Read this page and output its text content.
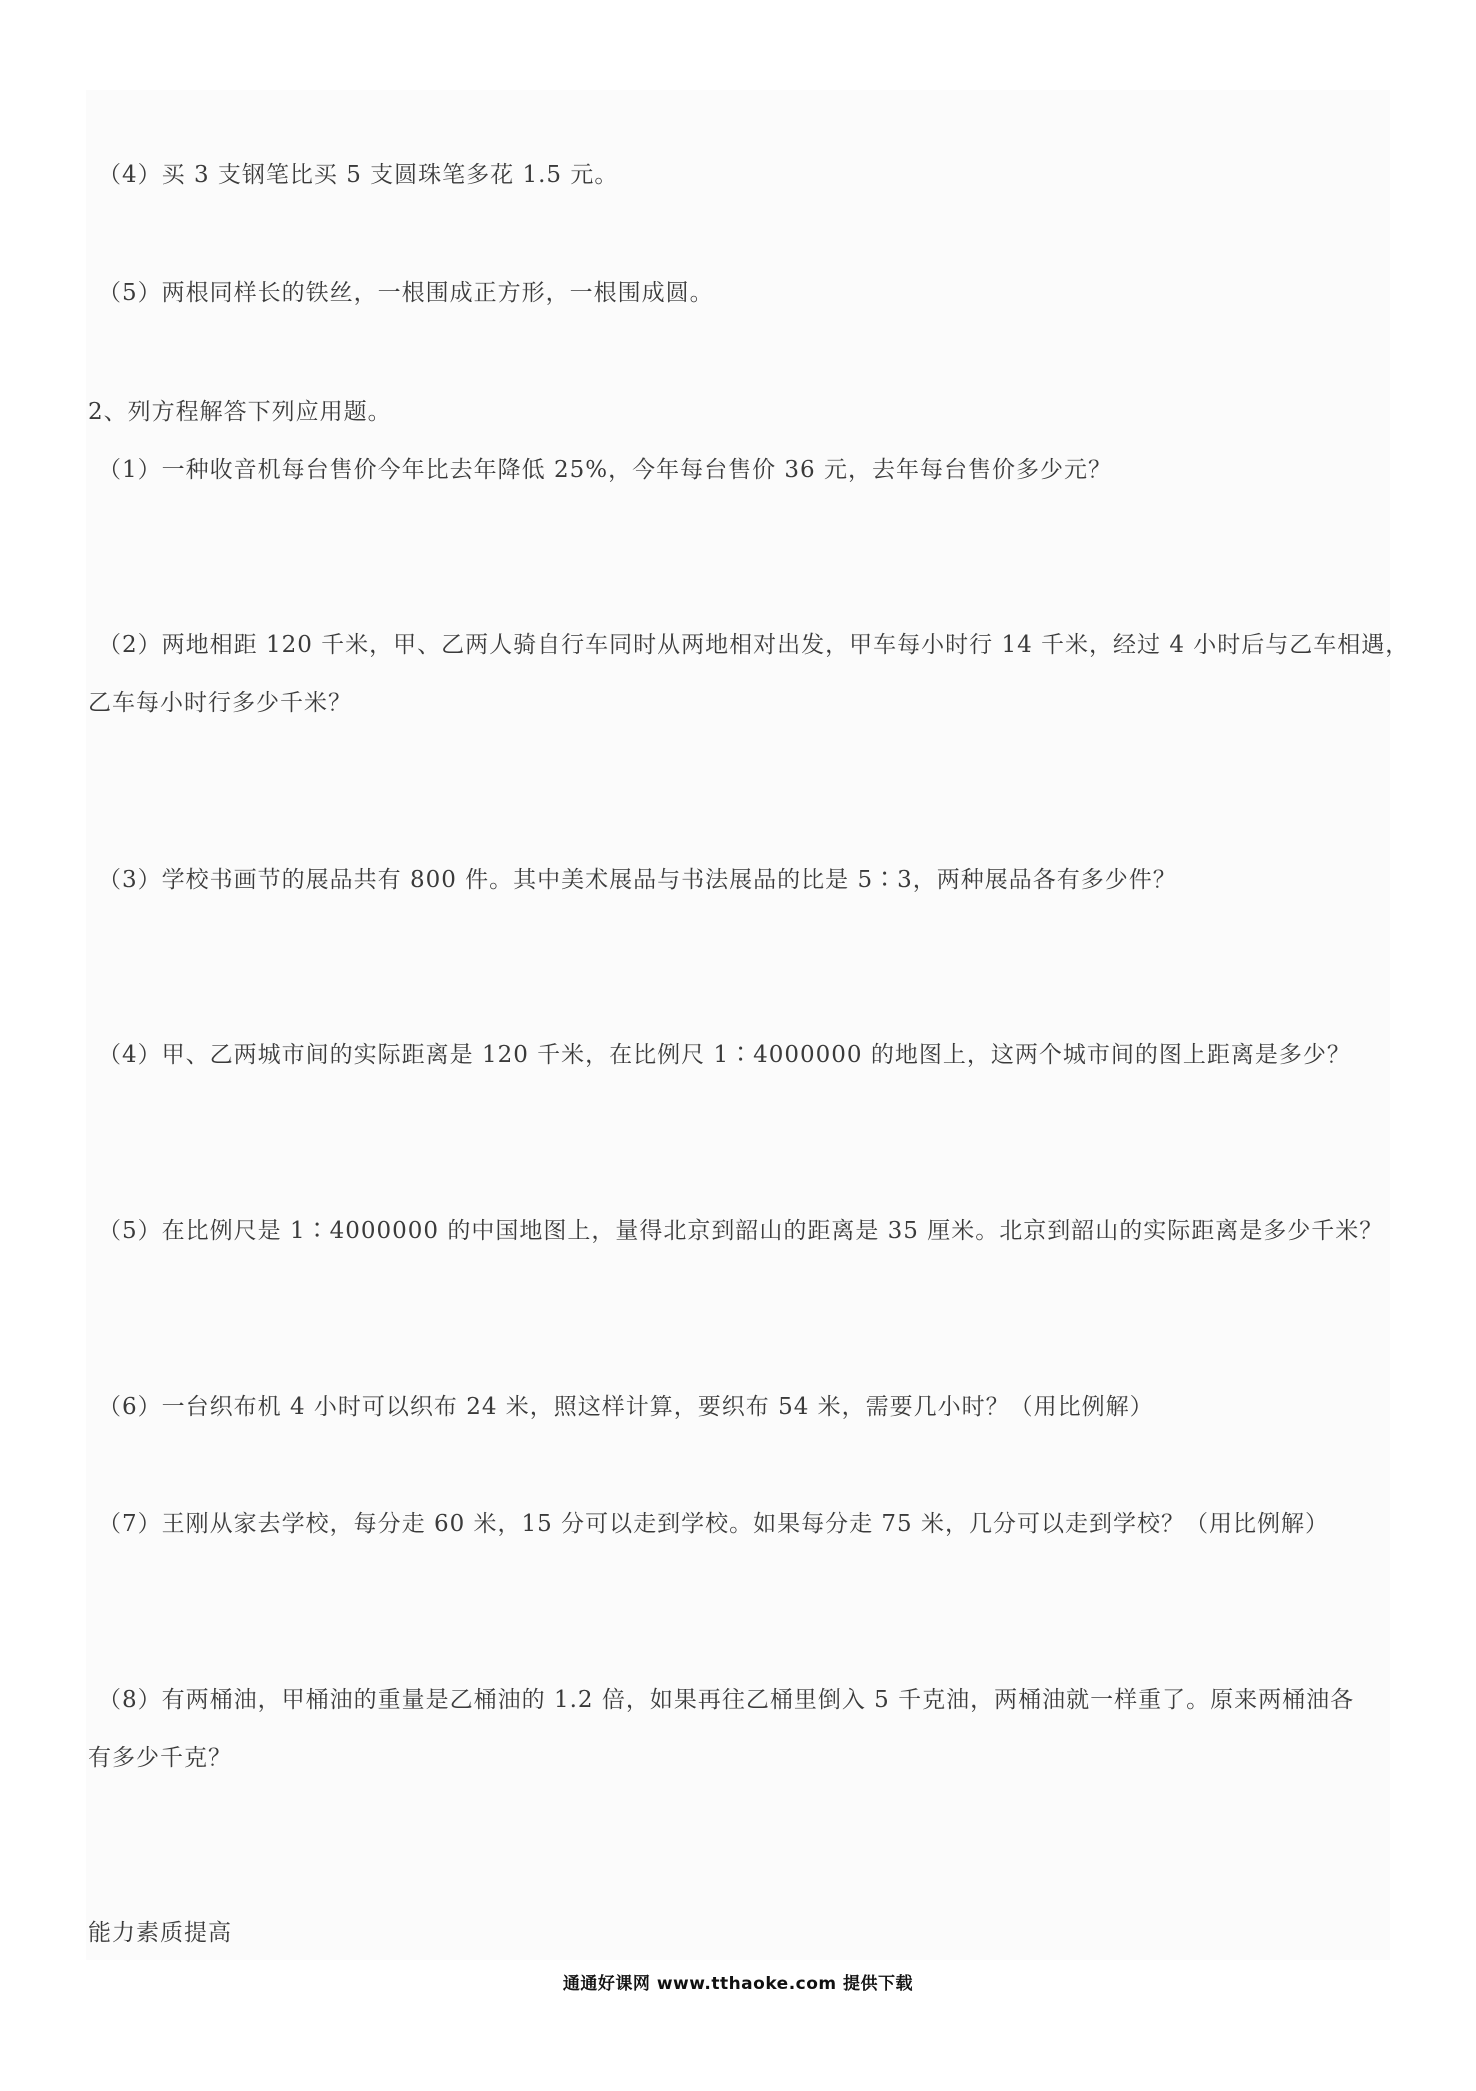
（4）买 3 支钢笔比买 5 支圆珠笔多花 1.5 元。
（5）两根同样长的铁丝，一根围成正方形，一根围成圆。
2、列方程解答下列应用题。
（1）一种收音机每台售价今年比去年降低 25%，今年每台售价 36 元，去年每台售价多少元？
（2）两地相距 120 千米，甲、乙两人骑自行车同时从两地相对出发，甲车每小时行 14 千米，经过 4 小时后与乙车相遇，
乙车每小时行多少千米？
（3）学校书画节的展品共有 800 件。其中美术展品与书法展品的比是 5∶3，两种展品各有多少件？
（4）甲、乙两城市间的实际距离是 120 千米，在比例尺 1∶4000000 的地图上，这两个城市间的图上距离是多少？
（5）在比例尺是 1∶4000000 的中国地图上，量得北京到韶山的距离是 35 厘米。北京到韶山的实际距离是多少千米？
（6）一台织布机 4 小时可以织布 24 米，照这样计算，要织布 54 米，需要几小时？（用比例解）
（7）王刚从家去学校，每分走 60 米，15 分可以走到学校。如果每分走 75 米，几分可以走到学校？（用比例解）
（8）有两桶油，甲桶油的重量是乙桶油的 1.2 倍，如果再往乙桶里倒入 5 千克油，两桶油就一样重了。原来两桶油各
有多少千克？
能力素质提高
通通好课网 www.tthaoke.com 提供下载
